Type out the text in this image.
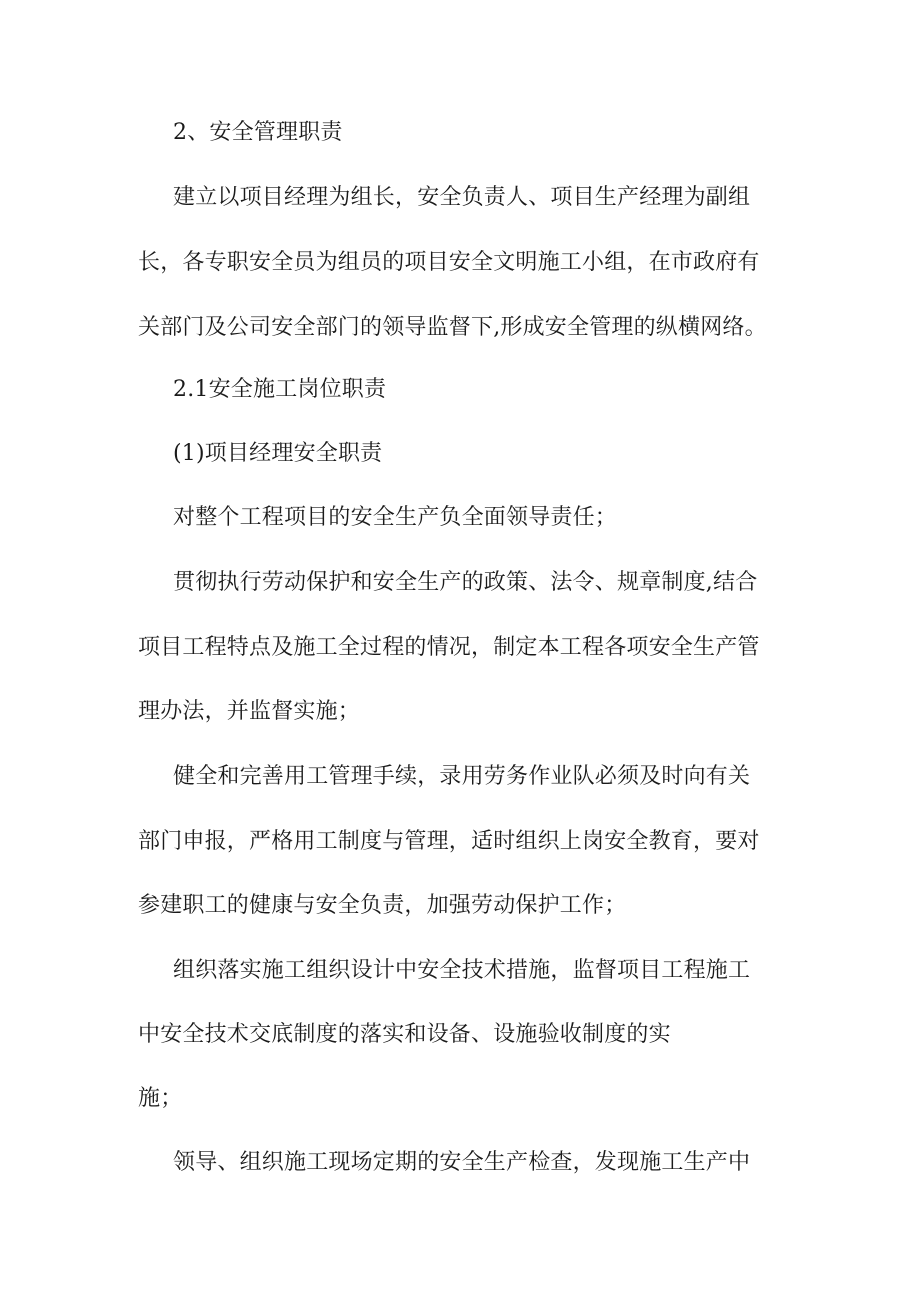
2、安全管理职责
建立以项目经理为组长，安全负责人、项目生产经理为副组
长，各专职安全员为组员的项目安全文明施工小组，在市政府有
关部门及公司安全部门的领导监督下,形成安全管理的纵横网络。
2.1安全施工岗位职责
(1)项目经理安全职责
对整个工程项目的安全生产负全面领导责任；
贯彻执行劳动保护和安全生产的政策、法令、规章制度,结合
项目工程特点及施工全过程的情况，制定本工程各项安全生产管
理办法，并监督实施；
健全和完善用工管理手续，录用劳务作业队必须及时向有关
部门申报，严格用工制度与管理，适时组织上岗安全教育，要对
参建职工的健康与安全负责，加强劳动保护工作；
组织落实施工组织设计中安全技术措施，监督项目工程施工
中安全技术交底制度的落实和设备、设施验收制度的实
施；
领导、组织施工现场定期的安全生产检查，发现施工生产中
